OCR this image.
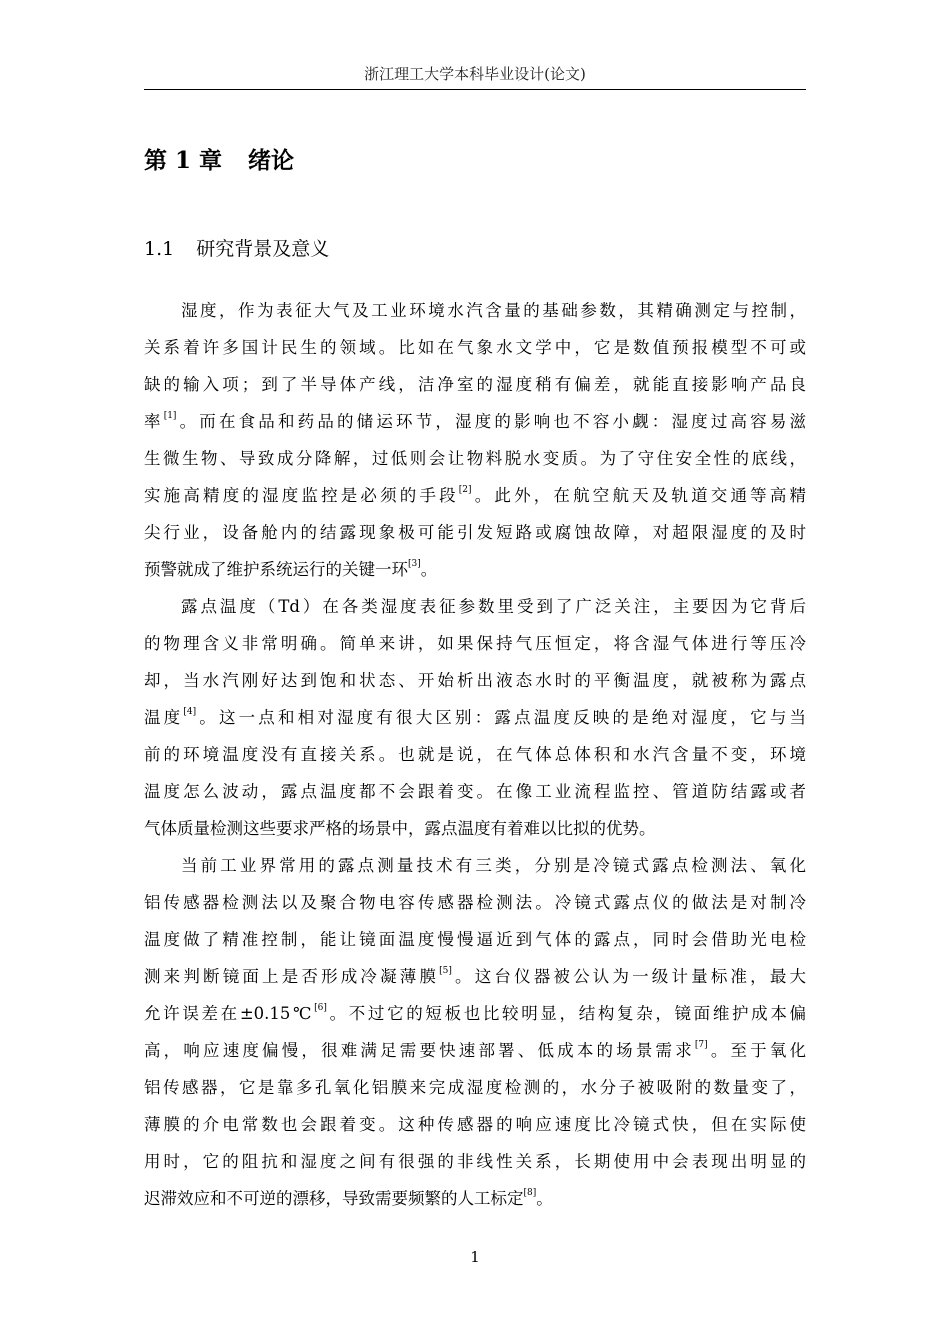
浙江理工大学本科毕业设计(论文)
第 1 章 绪论
1.1 研究背景及意义
湿度，作为表征大气及工业环境水汽含量的基础参数，其精确测定与控制，
关系着许多国计民生的领域。比如在气象水文学中，它是数值预报模型不可或
缺的输入项；到了半导体产线，洁净室的湿度稍有偏差，就能直接影响产品良
率[1]。而在食品和药品的储运环节，湿度的影响也不容小觑：湿度过高容易滋
生微生物、导致成分降解，过低则会让物料脱水变质。为了守住安全性的底线，
实施高精度的湿度监控是必须的手段[2]。此外，在航空航天及轨道交通等高精
尖行业，设备舱内的结露现象极可能引发短路或腐蚀故障，对超限湿度的及时
预警就成了维护系统运行的关键一环[3]。
露点温度（Td）在各类湿度表征参数里受到了广泛关注，主要因为它背后
的物理含义非常明确。简单来讲，如果保持气压恒定，将含湿气体进行等压冷
却，当水汽刚好达到饱和状态、开始析出液态水时的平衡温度，就被称为露点
温度[4]。这一点和相对湿度有很大区别：露点温度反映的是绝对湿度，它与当
前的环境温度没有直接关系。也就是说，在气体总体积和水汽含量不变，环境
温度怎么波动，露点温度都不会跟着变。在像工业流程监控、管道防结露或者
气体质量检测这些要求严格的场景中，露点温度有着难以比拟的优势。
当前工业界常用的露点测量技术有三类，分别是冷镜式露点检测法、氧化
铝传感器检测法以及聚合物电容传感器检测法。冷镜式露点仪的做法是对制冷
温度做了精准控制，能让镜面温度慢慢逼近到气体的露点，同时会借助光电检
测来判断镜面上是否形成冷凝薄膜[5]。这台仪器被公认为一级计量标准，最大
允许误差在±0.15℃[6]。不过它的短板也比较明显，结构复杂，镜面维护成本偏
高，响应速度偏慢，很难满足需要快速部署、低成本的场景需求[7]。至于氧化
铝传感器，它是靠多孔氧化铝膜来完成湿度检测的，水分子被吸附的数量变了，
薄膜的介电常数也会跟着变。这种传感器的响应速度比冷镜式快，但在实际使
用时，它的阻抗和湿度之间有很强的非线性关系，长期使用中会表现出明显的
迟滞效应和不可逆的漂移，导致需要频繁的人工标定[8]。
1
